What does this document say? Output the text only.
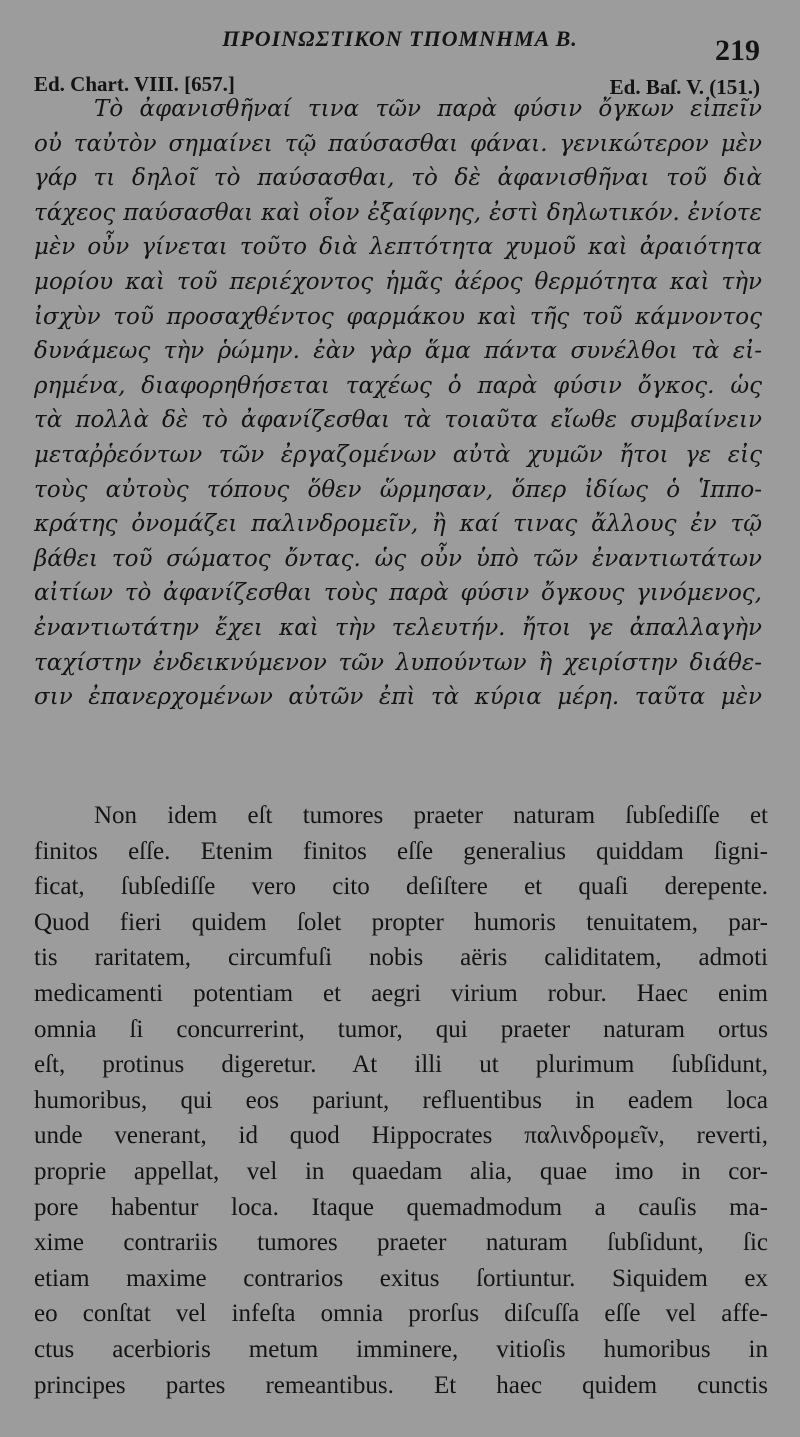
ΠΡΟΙΝΩΣΤΙΚΟΝ ΤΠΟΜΝΗΜΑ Β.	219
Ed. Chart. VIII. [657.]	Ed. Baſ. V. (151.)
Τὸ ἀφανισθῆναί τινα τῶν παρὰ φύσιν ὄγκων εἰπεῖν
οὐ ταὐτὸν σημαίνει τῷ παύσασθαι φάναι. γενικώτερον μὲν
γάρ τι δηλοῖ τὸ παύσασθαι, τὸ δὲ ἀφανισθῆναι τοῦ διὰ
τάχεος παύσασθαι καὶ οἷον ἐξαίφνης, ἐστὶ δηλωτικόν. ἐνίοτε
μὲν οὖν γίνεται τοῦτο διὰ λεπτότητα χυμοῦ καὶ ἀραιότητα
μορίου καὶ τοῦ περιέχοντος ἡμᾶς ἀέρος θερμότητα καὶ τὴν
ἰσχὺν τοῦ προσαχθέντος φαρμάκου καὶ τῆς τοῦ κάμνοντος
δυνάμεως τὴν ῥώμην. ἐὰν γὰρ ἅμα πάντα συνέλθοι τὰ εἰ-
ρημένα, διαφορηθήσεται ταχέως ὁ παρὰ φύσιν ὄγκος. ὡς
τὰ πολλὰ δὲ τὸ ἀφανίζεσθαι τὰ τοιαῦτα εἴωθε συμβαίνειν
μεταῤῥεόντων τῶν ἐργαζομένων αὐτὰ χυμῶν ἤτοι γε εἰς
τοὺς αὐτοὺς τόπους ὅθεν ὥρμησαν, ὅπερ ἰδίως ὁ Ἱππο-
κράτης ὀνομάζει παλινδρομεῖν, ἢ καί τινας ἄλλους ἐν τῷ
βάθει τοῦ σώματος ὄντας. ὡς οὖν ὑπὸ τῶν ἐναντιωτάτων
αἰτίων τὸ ἀφανίζεσθαι τοὺς παρὰ φύσιν ὄγκους γινόμενος,
ἐναντιωτάτην ἔχει καὶ τὴν τελευτήν. ἤτοι γε ἀπαλλαγὴν
ταχίστην ἐνδεικνύμενον τῶν λυπούντων ἢ χειρίστην διάθε-
σιν ἐπανερχομένων αὐτῶν ἐπὶ τὰ κύρια μέρη. ταῦτα μὲν
Non idem eſt tumores praeter naturam ſubſediſſe et
finitos eſſe. Etenim finitos eſſe generalius quiddam ſigni-
ficat, ſubſediſſe vero cito deſiſtere et quaſi derepente.
Quod fieri quidem ſolet propter humoris tenuitatem, par-
tis raritatem, circumfuſi nobis aëris caliditatem, admoti
medicamenti potentiam et aegri virium robur. Haec enim
omnia ſi concurrerint, tumor, qui praeter naturam ortus
eſt, protinus digeretur. At illi ut plurimum ſubſidunt,
humoribus, qui eos pariunt, refluentibus in eadem loca
unde venerant, id quod Hippocrates παλινδρομεῖν, reverti,
proprie appellat, vel in quaedam alia, quae imo in cor-
pore habentur loca. Itaque quemadmodum a cauſis ma-
xime contrariis tumores praeter naturam ſubſidunt, ſic
etiam maxime contrarios exitus ſortiuntur. Siquidem ex
eo conſtat vel infeſta omnia prorſus diſcuſſa eſſe vel affe-
ctus acerbioris metum imminere, vitioſis humoribus in
principes partes remeantibus. Et haec quidem cunctis
